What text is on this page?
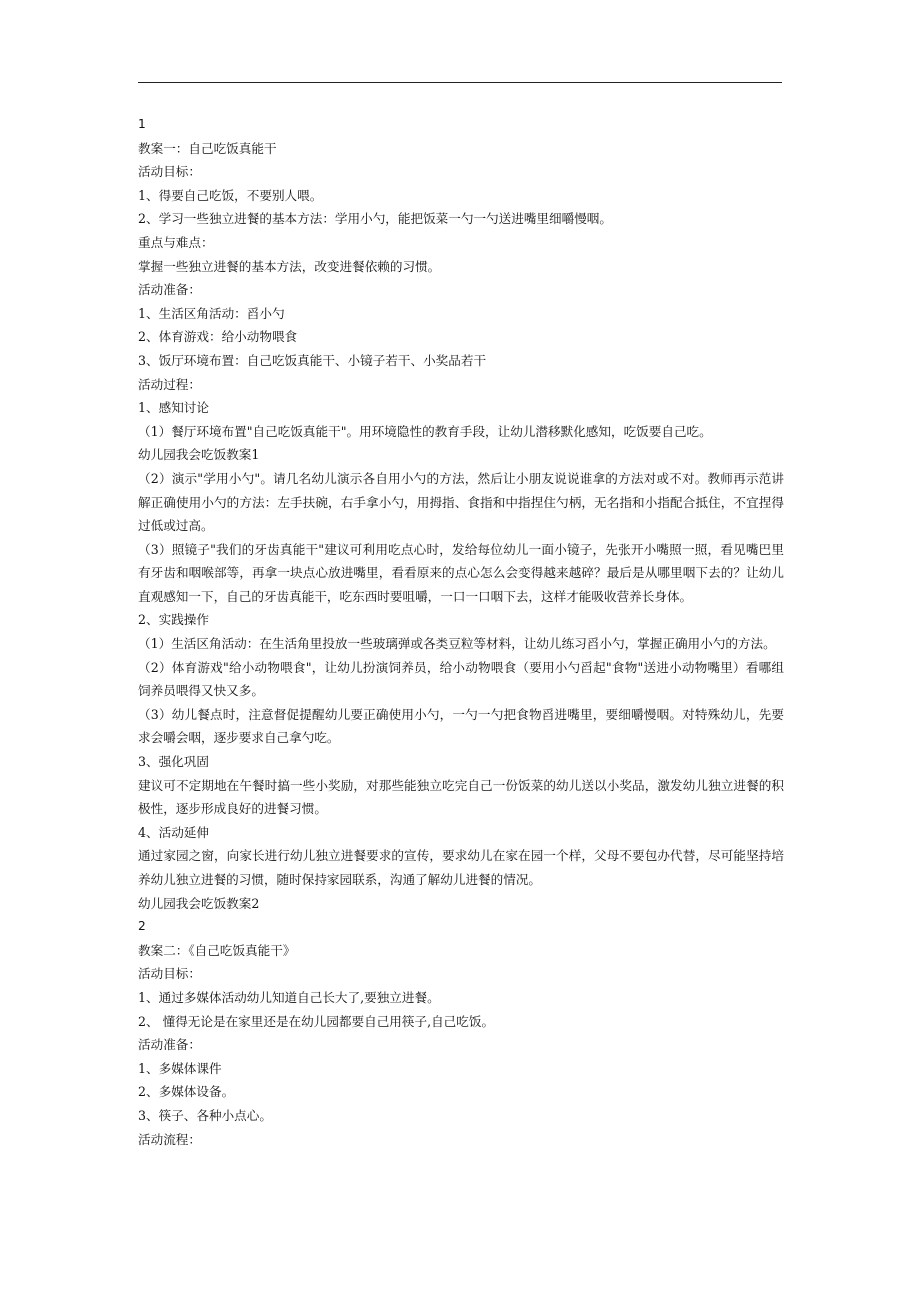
1
教案一：自己吃饭真能干
活动目标：
1、得要自己吃饭，不要别人喂。
2、学习一些独立进餐的基本方法：学用小勺，能把饭菜一勺一勺送进嘴里细嚼慢咽。
重点与难点：
掌握一些独立进餐的基本方法，改变进餐依赖的习惯。
活动准备：
1、生活区角活动：舀小勺
2、体育游戏：给小动物喂食
3、饭厅环境布置：自己吃饭真能干、小镜子若干、小奖品若干
活动过程：
1、感知讨论
（1）餐厅环境布置"自己吃饭真能干"。用环境隐性的教育手段，让幼儿潜移默化感知，吃饭要自己吃。
幼儿园我会吃饭教案1
（2）演示"学用小勺"。请几名幼儿演示各自用小勺的方法，然后让小朋友说说谁拿的方法对或不对。教师再示范讲解正确使用小勺的方法：左手扶碗，右手拿小勺，用拇指、食指和中指捏住勺柄，无名指和小指配合抵住，不宜捏得过低或过高。
（3）照镜子"我们的牙齿真能干"建议可利用吃点心时，发给每位幼儿一面小镜子，先张开小嘴照一照，看见嘴巴里有牙齿和咽喉部等，再拿一块点心放进嘴里，看看原来的点心怎么会变得越来越碎？最后是从哪里咽下去的？让幼儿直观感知一下，自己的牙齿真能干，吃东西时要咀嚼，一口一口咽下去，这样才能吸收营养长身体。
2、实践操作
（1）生活区角活动：在生活角里投放一些玻璃弹或各类豆粒等材料，让幼儿练习舀小勺，掌握正确用小勺的方法。
（2）体育游戏"给小动物喂食"，让幼儿扮演饲养员，给小动物喂食（要用小勺舀起"食物"送进小动物嘴里）看哪组饲养员喂得又快又多。
（3）幼儿餐点时，注意督促提醒幼儿要正确使用小勺，一勺一勺把食物舀进嘴里，要细嚼慢咽。对特殊幼儿，先要求会嚼会咽，逐步要求自己拿勺吃。
3、强化巩固
建议可不定期地在午餐时搞一些小奖励，对那些能独立吃完自己一份饭菜的幼儿送以小奖品，激发幼儿独立进餐的积极性，逐步形成良好的进餐习惯。
4、活动延伸
通过家园之窗，向家长进行幼儿独立进餐要求的宣传，要求幼儿在家在园一个样，父母不要包办代替，尽可能坚持培养幼儿独立进餐的习惯，随时保持家园联系，沟通了解幼儿进餐的情况。
幼儿园我会吃饭教案2
2
教案二：《自己吃饭真能干》
活动目标：
1、通过多媒体活动幼儿知道自己长大了,要独立进餐。
2、 懂得无论是在家里还是在幼儿园都要自己用筷子,自己吃饭。
活动准备：
1、多媒体课件
2、多媒体设备。
3、筷子、各种小点心。
活动流程：
